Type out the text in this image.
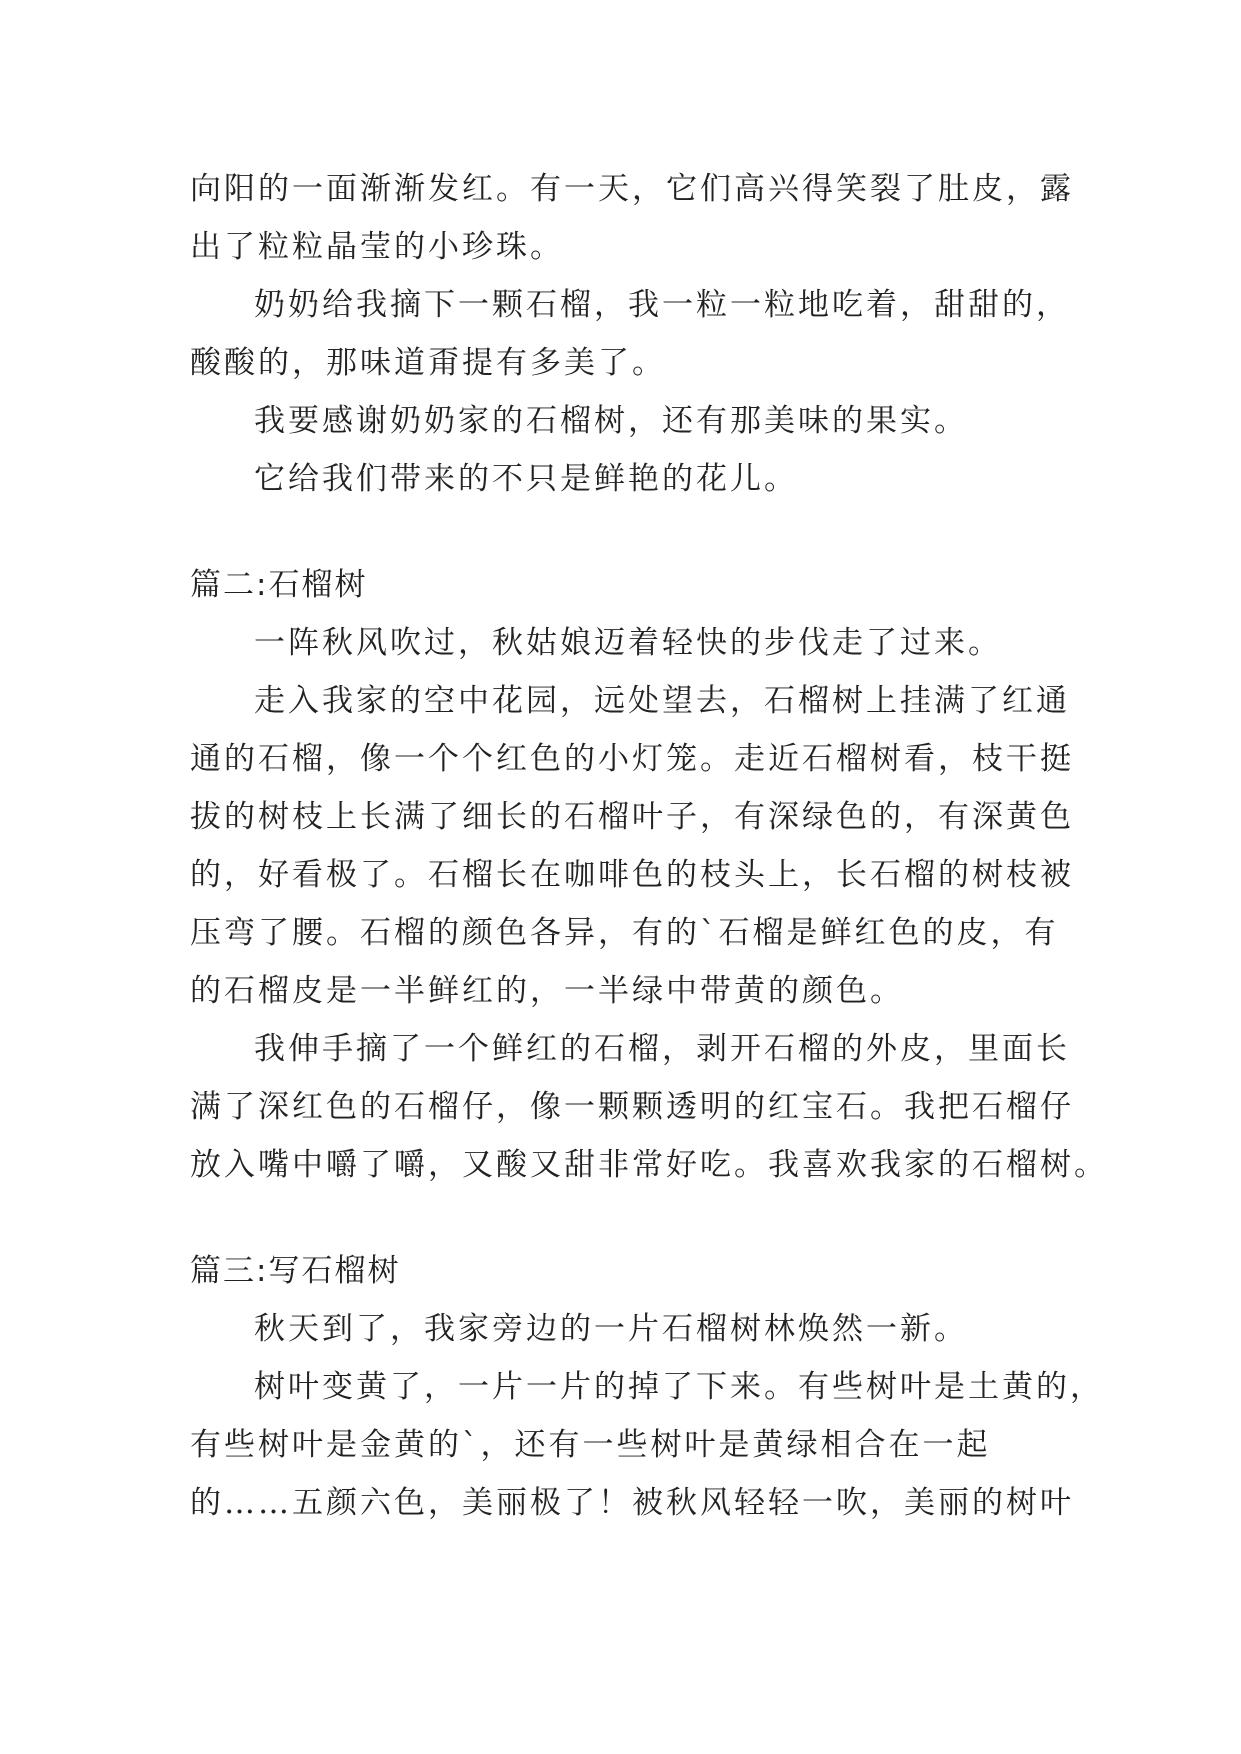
向阳的一面渐渐发红。有一天，它们高兴得笑裂了肚皮，露
出了粒粒晶莹的小珍珠。
奶奶给我摘下一颗石榴，我一粒一粒地吃着，甜甜的，
酸酸的，那味道甭提有多美了。
我要感谢奶奶家的石榴树，还有那美味的果实。
它给我们带来的不只是鲜艳的花儿。
篇二:石榴树
一阵秋风吹过，秋姑娘迈着轻快的步伐走了过来。
走入我家的空中花园，远处望去，石榴树上挂满了红通
通的石榴，像一个个红色的小灯笼。走近石榴树看，枝干挺
拔的树枝上长满了细长的石榴叶子，有深绿色的，有深黄色
的，好看极了。石榴长在咖啡色的枝头上，长石榴的树枝被
压弯了腰。石榴的颜色各异，有的`石榴是鲜红色的皮，有
的石榴皮是一半鲜红的，一半绿中带黄的颜色。
我伸手摘了一个鲜红的石榴，剥开石榴的外皮，里面长
满了深红色的石榴仔，像一颗颗透明的红宝石。我把石榴仔
放入嘴中嚼了嚼，又酸又甜非常好吃。我喜欢我家的石榴树。
篇三:写石榴树
秋天到了，我家旁边的一片石榴树林焕然一新。
树叶变黄了，一片一片的掉了下来。有些树叶是土黄的，
有些树叶是金黄的`，还有一些树叶是黄绿相合在一起
的……五颜六色，美丽极了！被秋风轻轻一吹，美丽的树叶
